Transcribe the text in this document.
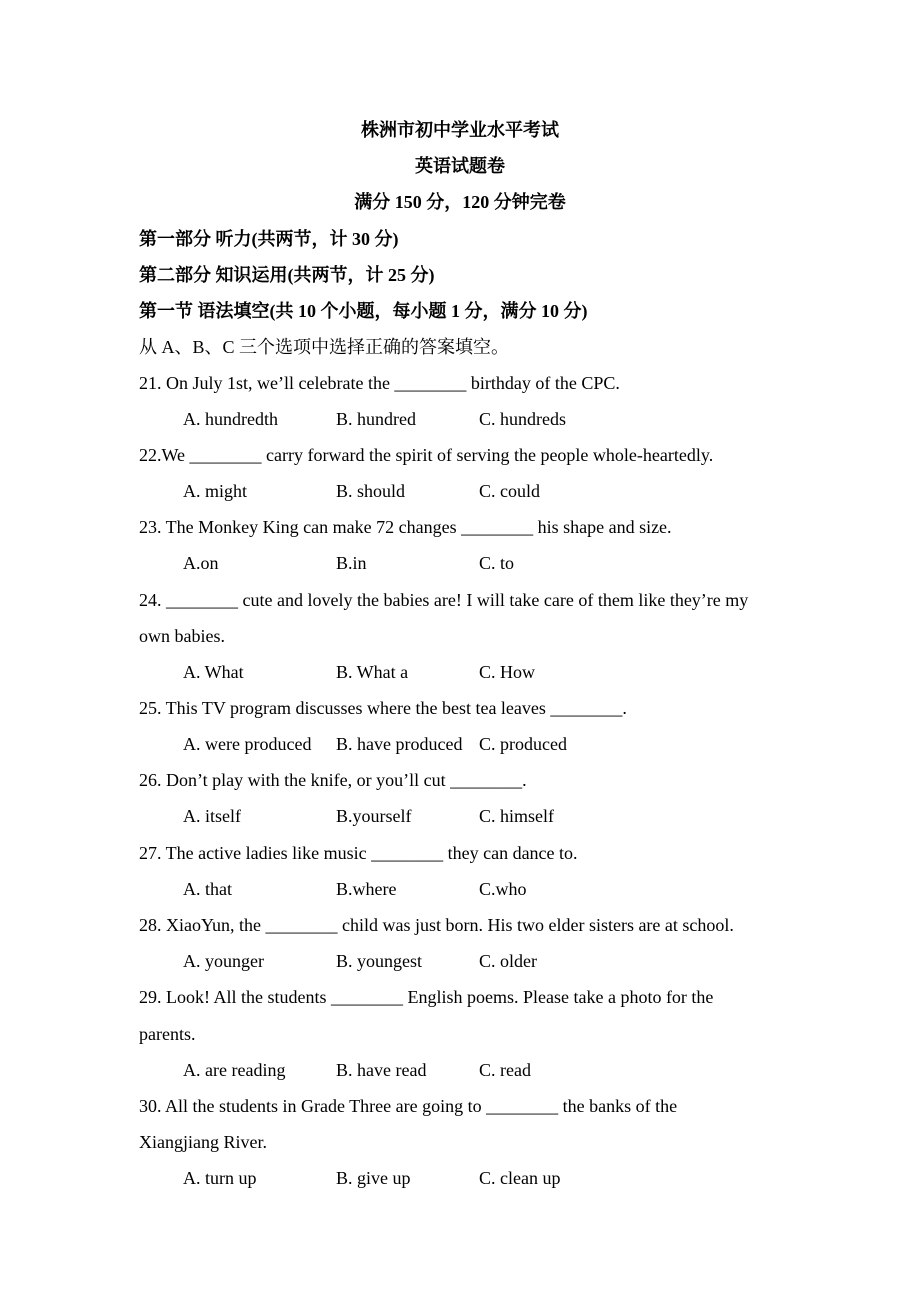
株洲市初中学业水平考试
英语试题卷
满分 150 分，120 分钟完卷
第一部分 听力(共两节，计 30 分)
第二部分 知识运用(共两节，计 25 分)
第一节 语法填空(共 10 个小题，每小题 1 分，满分 10 分)
从 A、B、C 三个选项中选择正确的答案填空。
21. On July 1st, we’ll celebrate the ________ birthday of the CPC.
A. hundredth	B. hundred	C. hundreds
22.We ________ carry forward the spirit of serving the people whole-heartedly.
A. might	B. should	C. could
23. The Monkey King can make 72 changes ________ his shape and size.
A.on	B.in	C. to
24. ________ cute and lovely the babies are! I will take care of them like they’re my
own babies.
A. What	B. What a	C. How
25. This TV program discusses where the best tea leaves ________.
A. were produced B. have produced C. produced
26. Don’t play with the knife, or you’ll cut ________.
A. itself	B.yourself	C. himself
27. The active ladies like music ________ they can dance to.
A. that	B.where	C.who
28. XiaoYun, the ________ child was just born. His two elder sisters are at school.
A. younger	B. youngest	C. older
29. Look! All the students ________ English poems. Please take a photo for the
parents.
A. are reading	B. have read	C. read
30. All the students in Grade Three are going to ________ the banks of the
Xiangjiang River.
A. turn up	B. give up	C. clean up
